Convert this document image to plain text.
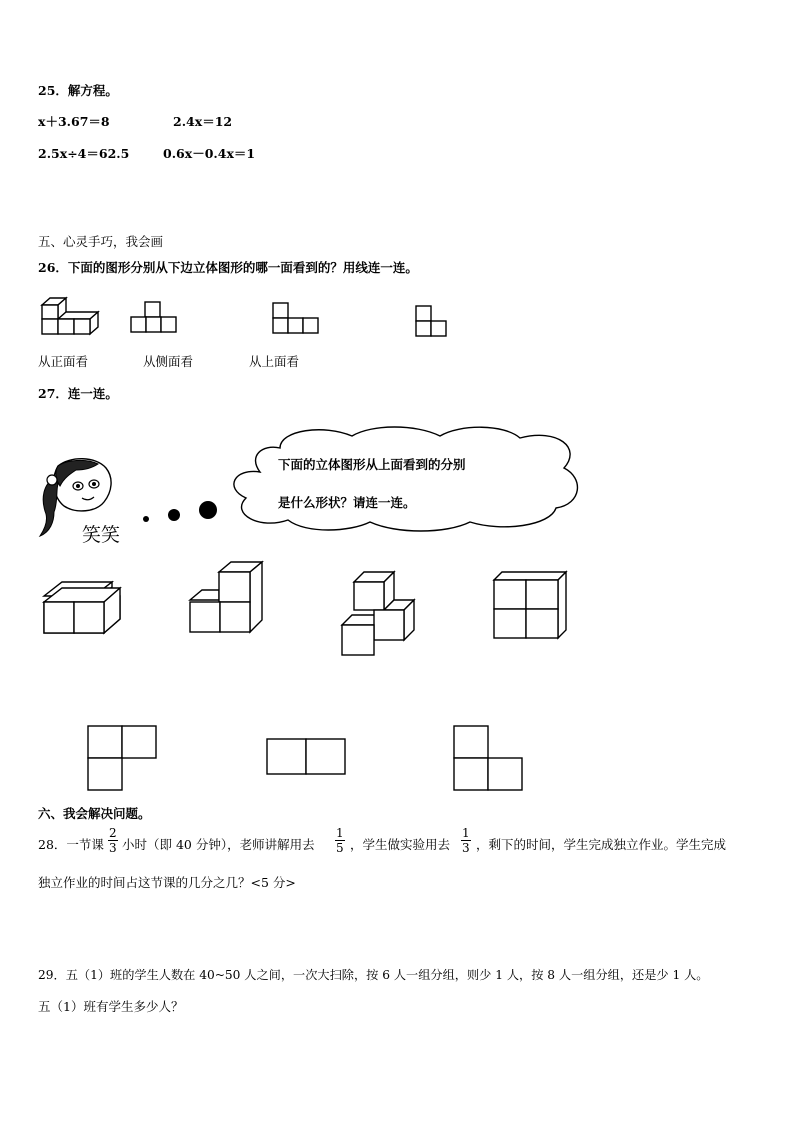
25．解方程。
x＋3.67＝8	2.4x＝12
2.5x÷4＝62.5	0.6x－0.4x＝1
五、心灵手巧，我会画
26．下面的图形分别从下边立体图形的哪一面看到的？用线连一连。
从正面看	从侧面看	从上面看
27．连一连。
笑笑
下面的立体图形从上面看到的分别
是什么形状？请连一连。
六、我会解决问题。
28．一节课 $\frac{2}{3}$ 小时（即 40 分钟），老师讲解用去 $\frac{1}{5}$ ，学生做实验用去 $\frac{1}{3}$ ，剩下的时间，学生完成独立作业。学生完成
独立作业的时间占这节课的几分之几？<5 分>
29．五（1）班的学生人数在 40~50 人之间，一次大扫除，按 6 人一组分组，则少 1 人，按 8 人一组分组，还是少 1 人。
五（1）班有学生多少人？
